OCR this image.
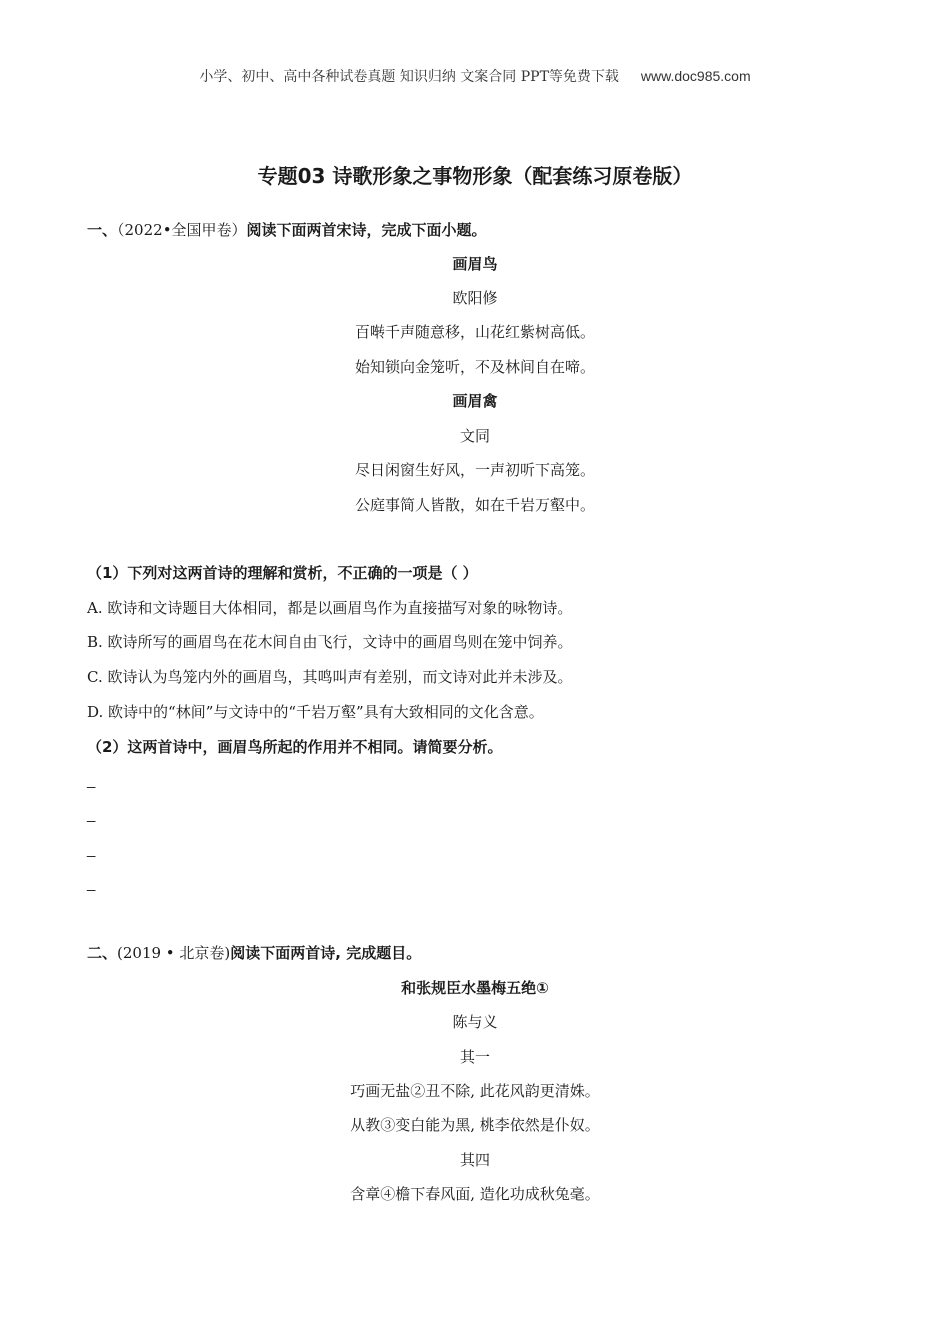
小学、初中、高中各种试卷真题 知识归纳 文案合同 PPT等免费下载 www.doc985.com
专题03 诗歌形象之事物形象（配套练习原卷版）
一、（2022•全国甲卷）阅读下面两首宋诗，完成下面小题。
画眉鸟
欧阳修
百啭千声随意移，山花红紫树高低。
始知锁向金笼听，不及林间自在啼。
画眉禽
文同
尽日闲窗生好风，一声初听下高笼。
公庭事简人皆散，如在千岩万壑中。
（1）下列对这两首诗的理解和赏析，不正确的一项是（ ）
A. 欧诗和文诗题目大体相同，都是以画眉鸟作为直接描写对象的咏物诗。
B. 欧诗所写的画眉鸟在花木间自由飞行，文诗中的画眉鸟则在笼中饲养。
C. 欧诗认为鸟笼内外的画眉鸟，其鸣叫声有差别，而文诗对此并未涉及。
D. 欧诗中的“林间”与文诗中的“千岩万壑”具有大致相同的文化含意。
（2）这两首诗中，画眉鸟所起的作用并不相同。请简要分析。
_
_
_
_
二、(2019 • 北京卷)阅读下面两首诗, 完成题目。
和张规臣水墨梅五绝①
陈与义
其一
巧画无盐②丑不除, 此花风韵更清姝。
从教③变白能为黑, 桃李依然是仆奴。
其四
含章④檐下春风面, 造化功成秋兔毫。
